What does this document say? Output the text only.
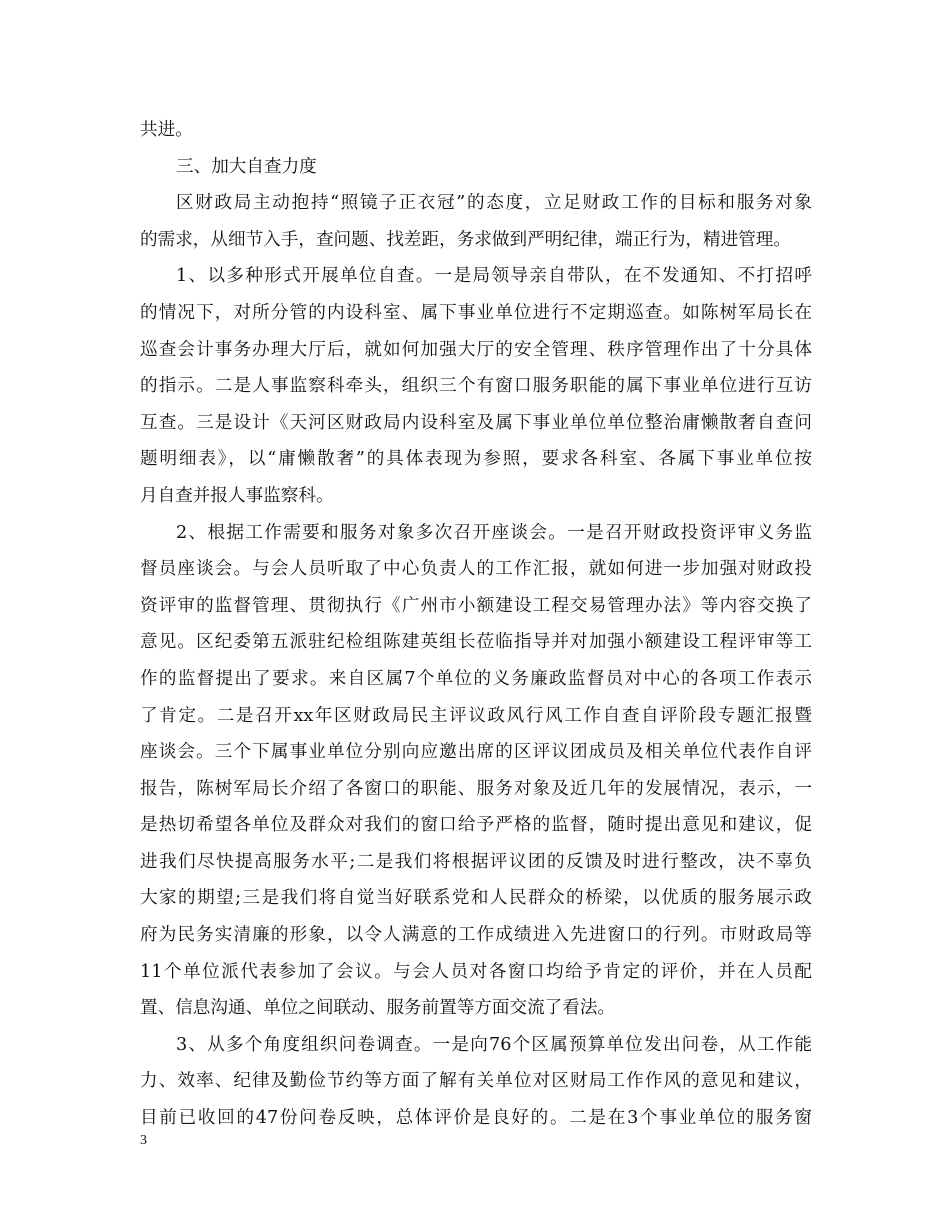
共进。
三、加大自查力度
区财政局主动抱持“照镜子正衣冠”的态度，立足财政工作的目标和服务对象
的需求，从细节入手，查问题、找差距，务求做到严明纪律，端正行为，精进管理。
1、以多种形式开展单位自查。一是局领导亲自带队，在不发通知、不打招呼
的情况下，对所分管的内设科室、属下事业单位进行不定期巡查。如陈树军局长在
巡查会计事务办理大厅后，就如何加强大厅的安全管理、秩序管理作出了十分具体
的指示。二是人事监察科牵头，组织三个有窗口服务职能的属下事业单位进行互访
互查。三是设计《天河区财政局内设科室及属下事业单位单位整治庸懒散奢自查问
题明细表》，以“庸懒散奢”的具体表现为参照，要求各科室、各属下事业单位按
月自查并报人事监察科。
2、根据工作需要和服务对象多次召开座谈会。一是召开财政投资评审义务监
督员座谈会。与会人员听取了中心负责人的工作汇报，就如何进一步加强对财政投
资评审的监督管理、贯彻执行《广州市小额建设工程交易管理办法》等内容交换了
意见。区纪委第五派驻纪检组陈建英组长莅临指导并对加强小额建设工程评审等工
作的监督提出了要求。来自区属7个单位的义务廉政监督员对中心的各项工作表示
了肯定。二是召开xx年区财政局民主评议政风行风工作自查自评阶段专题汇报暨
座谈会。三个下属事业单位分别向应邀出席的区评议团成员及相关单位代表作自评
报告，陈树军局长介绍了各窗口的职能、服务对象及近几年的发展情况，表示，一
是热切希望各单位及群众对我们的窗口给予严格的监督，随时提出意见和建议，促
进我们尽快提高服务水平;二是我们将根据评议团的反馈及时进行整改，决不辜负
大家的期望;三是我们将自觉当好联系党和人民群众的桥梁，以优质的服务展示政
府为民务实清廉的形象，以令人满意的工作成绩进入先进窗口的行列。市财政局等
11个单位派代表参加了会议。与会人员对各窗口均给予肯定的评价，并在人员配
置、信息沟通、单位之间联动、服务前置等方面交流了看法。
3、从多个角度组织问卷调查。一是向76个区属预算单位发出问卷，从工作能
力、效率、纪律及勤俭节约等方面了解有关单位对区财局工作作风的意见和建议，
目前已收回的47份问卷反映，总体评价是良好的。二是在3个事业单位的服务窗
3
